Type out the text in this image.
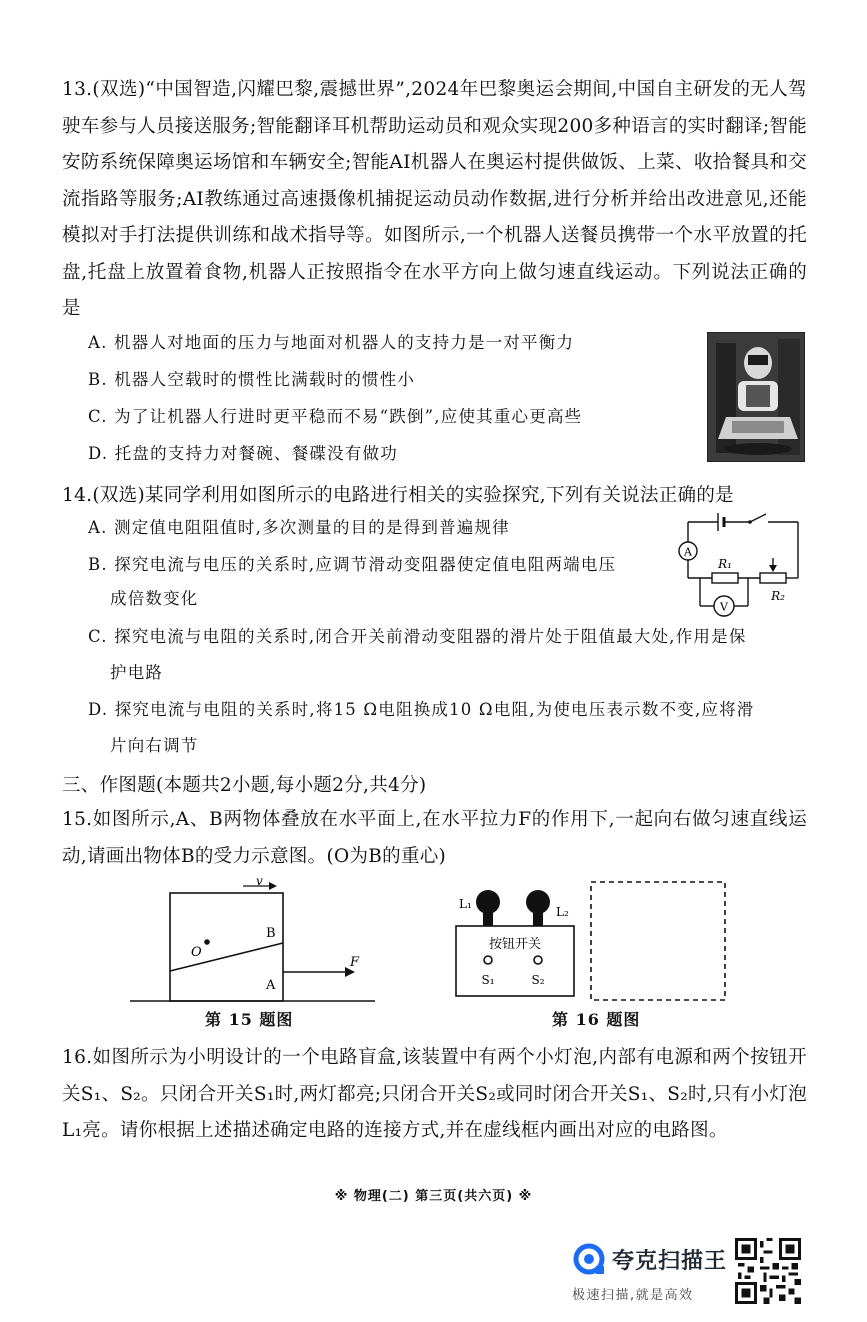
13.(双选)“中国智造,闪耀巴黎,震撼世界”,2024年巴黎奥运会期间,中国自主研发的无人驾驶车参与人员接送服务;智能翻译耳机帮助运动员和观众实现200多种语言的实时翻译;智能安防系统保障奥运场馆和车辆安全;智能AI机器人在奥运村提供做饭、上菜、收拾餐具和交流指路等服务;AI教练通过高速摄像机捕捉运动员动作数据,进行分析并给出改进意见,还能模拟对手打法提供训练和战术指导等。如图所示,一个机器人送餐员携带一个水平放置的托盘,托盘上放置着食物,机器人正按照指令在水平方向上做匀速直线运动。下列说法正确的是
A. 机器人对地面的压力与地面对机器人的支持力是一对平衡力
B. 机器人空载时的惯性比满载时的惯性小
C. 为了让机器人行进时更平稳而不易“跌倒”,应使其重心更高些
D. 托盘的支持力对餐碗、餐碟没有做功
14.(双选)某同学利用如图所示的电路进行相关的实验探究,下列有关说法正确的是
A. 测定值电阻阻值时,多次测量的目的是得到普遍规律
B. 探究电流与电压的关系时,应调节滑动变阻器使定值电阻两端电压
成倍数变化
C. 探究电流与电阻的关系时,闭合开关前滑动变阻器的滑片处于阻值最大处,作用是保
护电路
D. 探究电流与电阻的关系时,将15 Ω电阻换成10 Ω电阻,为使电压表示数不变,应将滑
片向右调节
A
V
R₁
R₂
三、作图题(本题共2小题,每小题2分,共4分)
15.如图所示,A、B两物体叠放在水平面上,在水平拉力F的作用下,一起向右做匀速直线运动,请画出物体B的受力示意图。(O为B的重心)
v
O
B
A
F
第 15 题图
L₁
L₂
按钮开关
S₁	S₂
第 16 题图
16.如图所示为小明设计的一个电路盲盒,该装置中有两个小灯泡,内部有电源和两个按钮开关S₁、S₂。只闭合开关S₁时,两灯都亮;只闭合开关S₂或同时闭合开关S₁、S₂时,只有小灯泡L₁亮。请你根据上述描述确定电路的连接方式,并在虚线框内画出对应的电路图。
※ 物理(二) 第三页(共六页) ※
夸克扫描王
极速扫描,就是高效
